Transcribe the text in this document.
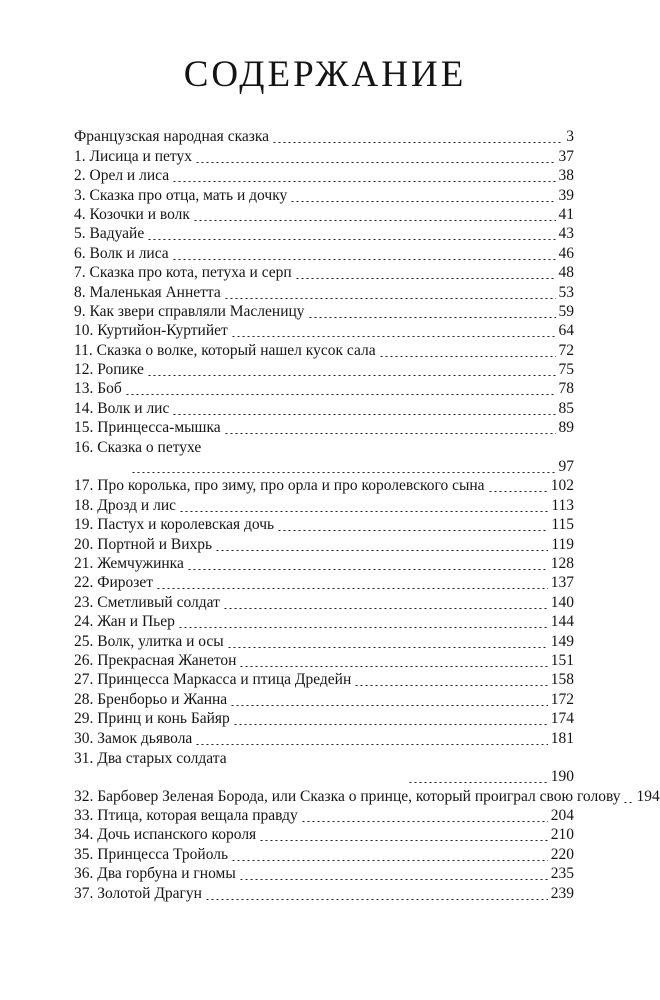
СОДЕРЖАНИЕ
Французская народная сказка	3
1. Лисица и петух	37
2. Орел и лиса	38
3. Сказка про отца, мать и дочку	39
4. Козочки и волк	41
5. Вадуайе	43
6. Волк и лиса	46
7. Сказка про кота, петуха и серп	48
8. Маленькая Аннетта	53
9. Как звери справляли Масленицу	59
10. Куртийон-Куртийет	64
11. Сказка о волке, который нашел кусок сала	72
12. Ропике	75
13. Боб	78
14. Волк и лис	85
15. Принцесса-мышка	89
16. Сказка о петухе
97
17. Про королька, про зиму, про орла и про королевского сына	102
18. Дрозд и лис	113
19. Пастух и королевская дочь	115
20. Портной и Вихрь	119
21. Жемчужинка	128
22. Фирозет	137
23. Сметливый солдат	140
24. Жан и Пьер	144
25. Волк, улитка и осы	149
26. Прекрасная Жанетон	151
27. Принцесса Маркасса и птица Дредейн	158
28. Бренборьо и Жанна	172
29. Принц и конь Байяр	174
30. Замок дьявола	181
31. Два старых солдата
190
32. Барбовер Зеленая Борода, или Сказка о принце, который проиграл свою голову 194
33. Птица, которая вещала правду	204
34. Дочь испанского короля	210
35. Принцесса Тройоль	220
36. Два горбуна и гномы	235
37. Золотой Драгун	239
